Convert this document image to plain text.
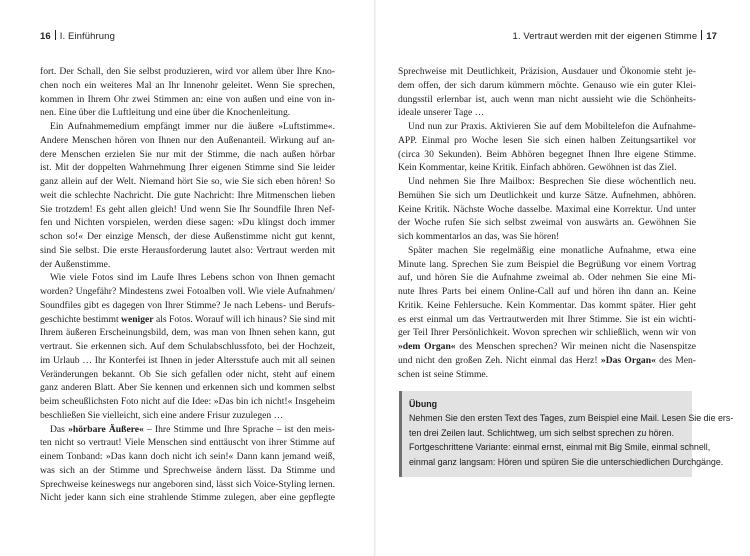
16 I. Einführung
fort. Der Schall, den Sie selbst produzieren, wird vor allem über Ihre Kno-
chen noch ein weiteres Mal an Ihr Innenohr geleitet. Wenn Sie sprechen,
kommen in Ihrem Ohr zwei Stimmen an: eine von außen und eine von in-
nen. Eine über die Luftleitung und eine über die Knochenleitung.
Ein Aufnahmemedium empfängt immer nur die äußere »Luftstimme«.
Andere Menschen hören von Ihnen nur den Außenanteil. Wirkung auf an-
dere Menschen erzielen Sie nur mit der Stimme, die nach außen hörbar
ist. Mit der doppelten Wahrnehmung Ihrer eigenen Stimme sind Sie leider
ganz allein auf der Welt. Niemand hört Sie so, wie Sie sich eben hören! So
weit die schlechte Nachricht. Die gute Nachricht: Ihre Mitmenschen lieben
Sie trotzdem! Es geht allen gleich! Und wenn Sie Ihr Soundfile Ihren Nef-
fen und Nichten vorspielen, werden diese sagen: »Du klingst doch immer
schon so!« Der einzige Mensch, der diese Außenstimme nicht gut kennt,
sind Sie selbst. Die erste Herausforderung lautet also: Vertraut werden mit
der Außenstimme.
Wie viele Fotos sind im Laufe Ihres Lebens schon von Ihnen gemacht
worden? Ungefähr? Mindestens zwei Fotoalben voll. Wie viele Aufnahmen/
Soundfiles gibt es dagegen von Ihrer Stimme? Je nach Lebens- und Berufs-
geschichte bestimmt weniger als Fotos. Worauf will ich hinaus? Sie sind mit
Ihrem äußeren Erscheinungsbild, dem, was man von Ihnen sehen kann, gut
vertraut. Sie erkennen sich. Auf dem Schulabschlussfoto, bei der Hochzeit,
im Urlaub … Ihr Konterfei ist Ihnen in jeder Altersstufe auch mit all seinen
Veränderungen bekannt. Ob Sie sich gefallen oder nicht, steht auf einem
ganz anderen Blatt. Aber Sie kennen und erkennen sich und kommen selbst
beim scheußlichsten Foto nicht auf die Idee: »Das bin ich nicht!« Insgeheim
beschließen Sie vielleicht, sich eine andere Frisur zuzulegen …
Das »hörbare Äußere« – Ihre Stimme und Ihre Sprache – ist den meis-
ten nicht so vertraut! Viele Menschen sind enttäuscht von ihrer Stimme auf
einem Tonband: »Das kann doch nicht ich sein!« Dann kann jemand weiß,
was sich an der Stimme und Sprechweise ändern lässt. Da Stimme und
Sprechweise keineswegs nur angeboren sind, lässt sich Voice-Styling lernen.
Nicht jeder kann sich eine strahlende Stimme zulegen, aber eine gepflegte
1. Vertraut werden mit der eigenen Stimme 17
Sprechweise mit Deutlichkeit, Präzision, Ausdauer und Ökonomie steht je-
dem offen, der sich darum kümmern möchte. Genauso wie ein guter Klei-
dungsstil erlernbar ist, auch wenn man nicht aussieht wie die Schönheits-
ideale unserer Tage …
Und nun zur Praxis. Aktivieren Sie auf dem Mobiltelefon die Aufnahme-
APP. Einmal pro Woche lesen Sie sich einen halben Zeitungsartikel vor
(circa 30 Sekunden). Beim Abhören begegnet Ihnen Ihre eigene Stimme.
Kein Kommentar, keine Kritik. Einfach abhören. Gewöhnen ist das Ziel.
Und nehmen Sie Ihre Mailbox: Besprechen Sie diese wöchentlich neu.
Bemühen Sie sich um Deutlichkeit und kurze Sätze. Aufnehmen, abhören.
Keine Kritik. Nächste Woche dasselbe. Maximal eine Korrektur. Und unter
der Woche rufen Sie sich selbst zweimal von auswärts an. Gewöhnen Sie
sich kommentarlos an das, was Sie hören!
Später machen Sie regelmäßig eine monatliche Aufnahme, etwa eine
Minute lang. Sprechen Sie zum Beispiel die Begrüßung vor einem Vortrag
auf, und hören Sie die Aufnahme zweimal ab. Oder nehmen Sie eine Mi-
nute Ihres Parts bei einem Online-Call auf und hören ihn dann an. Keine
Kritik. Keine Fehlersuche. Kein Kommentar. Das kommt später. Hier geht
es erst einmal um das Vertrautwerden mit Ihrer Stimme. Sie ist ein wichti-
ger Teil Ihrer Persönlichkeit. Wovon sprechen wir schließlich, wenn wir von
»dem Organ« des Menschen sprechen? Wir meinen nicht die Nasenspitze
und nicht den großen Zeh. Nicht einmal das Herz! »Das Organ« des Men-
schen ist seine Stimme.
Übung
Nehmen Sie den ersten Text des Tages, zum Beispiel eine Mail. Lesen Sie die ers-
ten drei Zeilen laut. Schlichtweg, um sich selbst sprechen zu hören.
Fortgeschrittene Variante: einmal ernst, einmal mit Big Smile, einmal schnell,
einmal ganz langsam: Hören und spüren Sie die unterschiedlichen Durchgänge.
